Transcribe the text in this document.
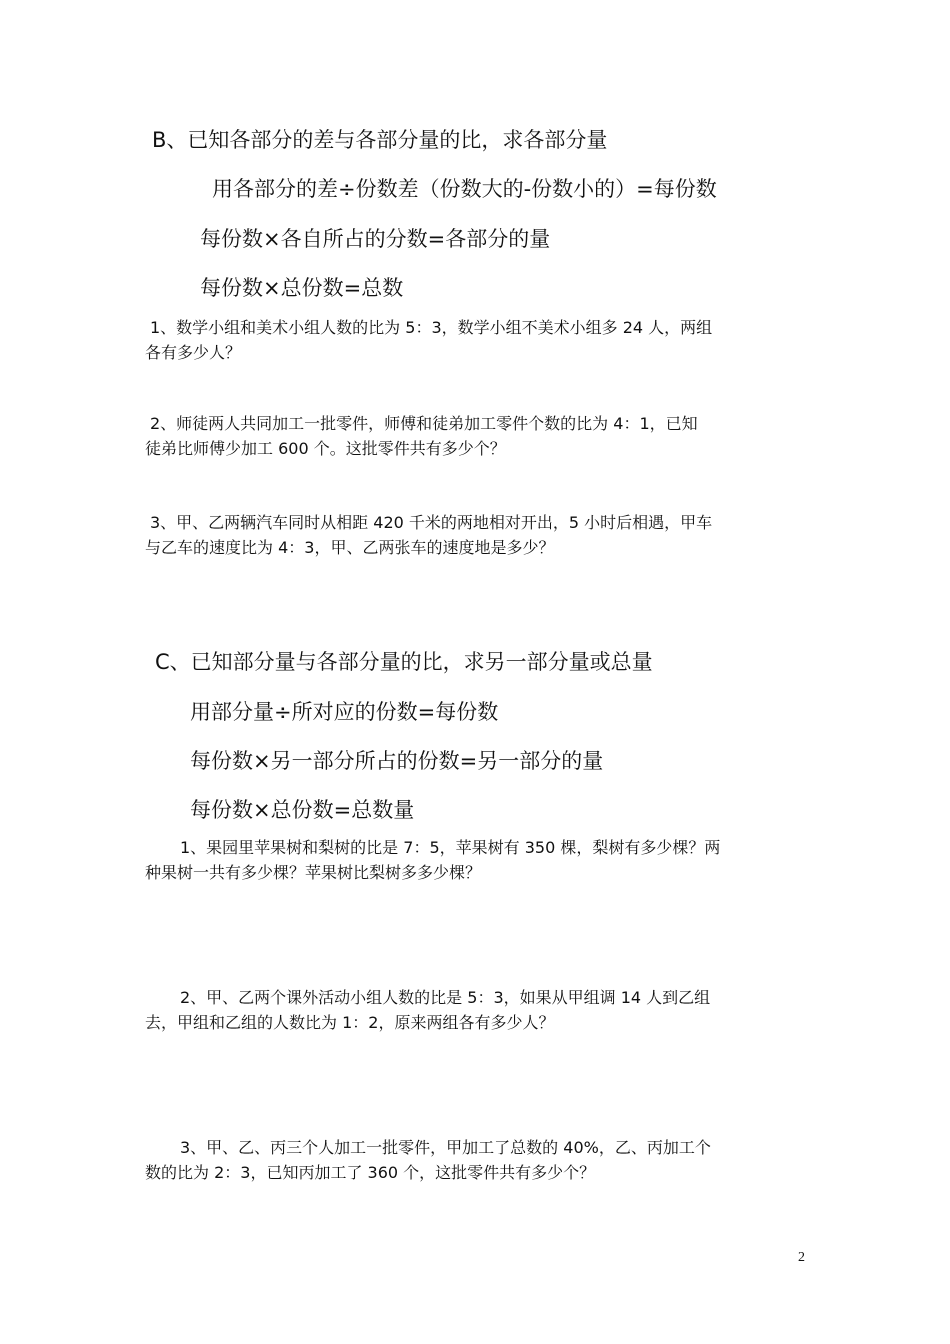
B、已知各部分的差与各部分量的比，求各部分量
用各部分的差÷份数差（份数大的-份数小的）=每份数
每份数×各自所占的分数=各部分的量
每份数×总份数=总数
1、数学小组和美术小组人数的比为 5：3，数学小组不美术小组多 24 人，两组
各有多少人？
2、师徒两人共同加工一批零件，师傅和徒弟加工零件个数的比为 4：1，已知
徒弟比师傅少加工 600 个。这批零件共有多少个？
3、甲、乙两辆汽车同时从相距 420 千米的两地相对开出，5 小时后相遇，甲车
与乙车的速度比为 4：3，甲、乙两张车的速度地是多少？
C、已知部分量与各部分量的比，求另一部分量或总量
用部分量÷所对应的份数=每份数
每份数×另一部分所占的份数=另一部分的量
每份数×总份数=总数量
1、果园里苹果树和梨树的比是 7：5，苹果树有 350 棵，梨树有多少棵？两
种果树一共有多少棵？苹果树比梨树多多少棵？
2、甲、乙两个课外活动小组人数的比是 5：3，如果从甲组调 14 人到乙组
去，甲组和乙组的人数比为 1：2，原来两组各有多少人？
3、甲、乙、丙三个人加工一批零件，甲加工了总数的 40%，乙、丙加工个
数的比为 2：3，已知丙加工了 360 个，这批零件共有多少个？
2
